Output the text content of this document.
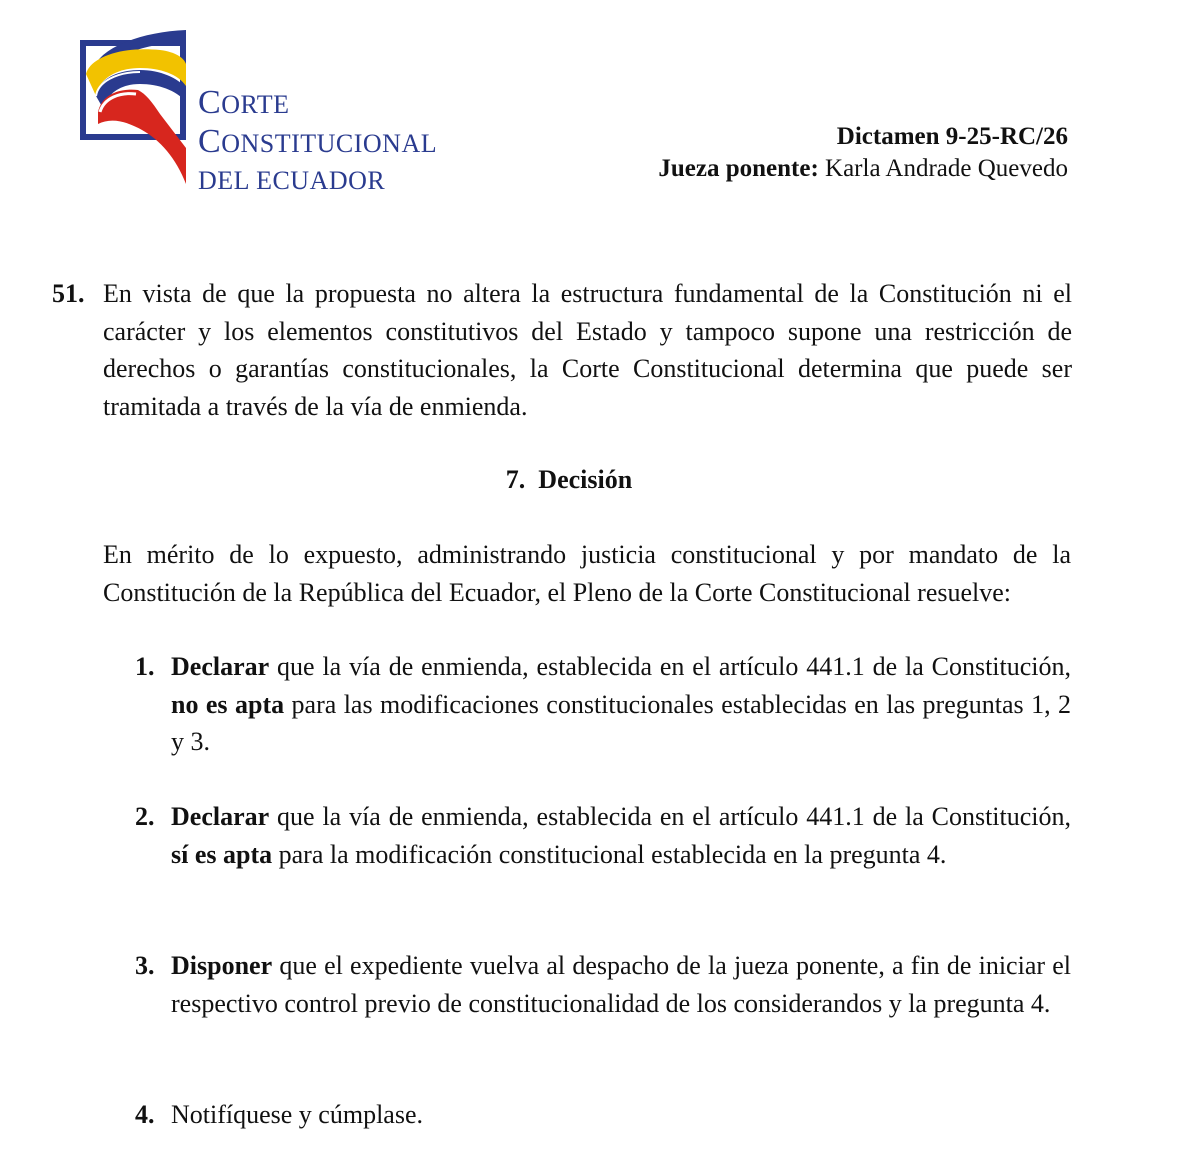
CORTE
CONSTITUCIONAL
DEL ECUADOR
Dictamen 9-25-RC/26
Jueza ponente: Karla Andrade Quevedo
51. En vista de que la propuesta no altera la estructura fundamental de la Constitución ni el carácter y los elementos constitutivos del Estado y tampoco supone una restricción de derechos o garantías constitucionales, la Corte Constitucional determina que puede ser tramitada a través de la vía de enmienda.
7.  Decisión
En mérito de lo expuesto, administrando justicia constitucional y por mandato de la Constitución de la República del Ecuador, el Pleno de la Corte Constitucional resuelve:
1. Declarar que la vía de enmienda, establecida en el artículo 441.1 de la Constitución, no es apta para las modificaciones constitucionales establecidas en las preguntas 1, 2 y 3.
2. Declarar que la vía de enmienda, establecida en el artículo 441.1 de la Constitución, sí es apta para la modificación constitucional establecida en la pregunta 4.
3. Disponer que el expediente vuelva al despacho de la jueza ponente, a fin de iniciar el respectivo control previo de constitucionalidad de los considerandos y la pregunta 4.
4. Notifíquese y cúmplase.
